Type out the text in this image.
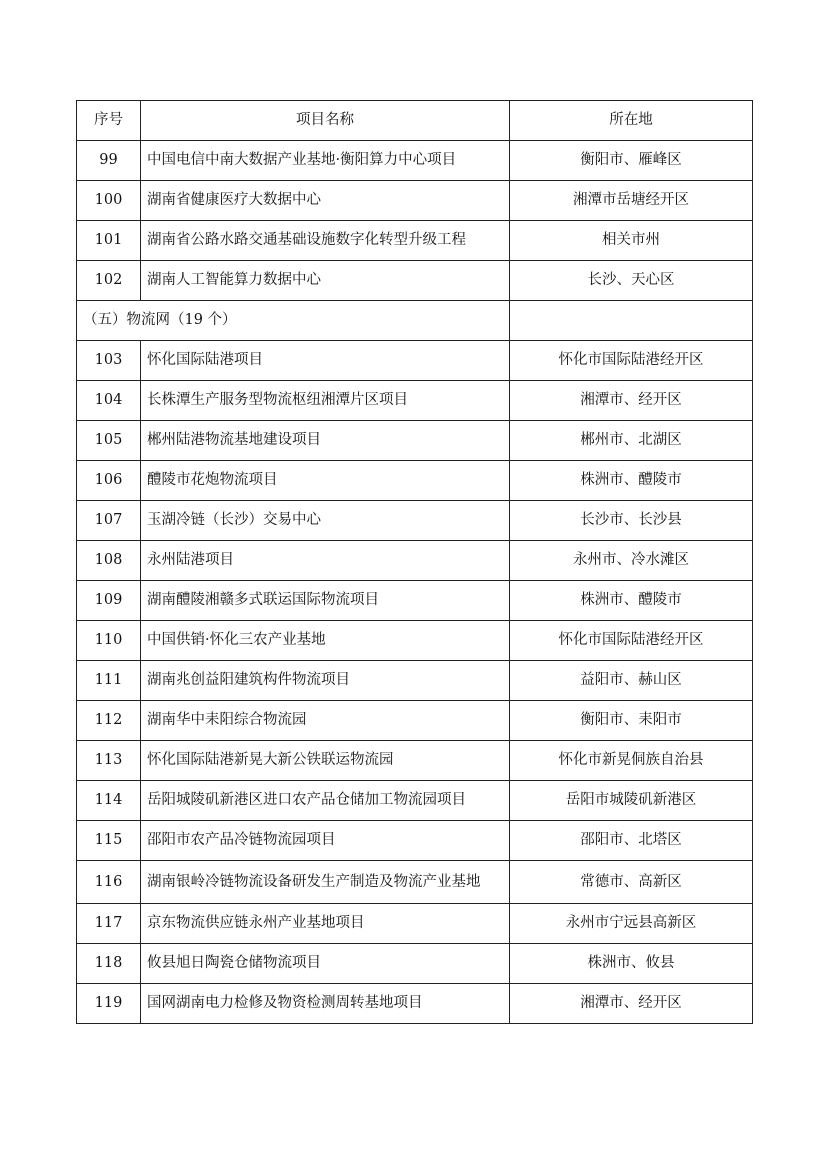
序号	项目名称	所在地
99	中国电信中南大数据产业基地·衡阳算力中心项目	衡阳市、雁峰区
100	湖南省健康医疗大数据中心	湘潭市岳塘经开区
101	湖南省公路水路交通基础设施数字化转型升级工程	相关市州
102	湖南人工智能算力数据中心	长沙、天心区
（五）物流网（19 个）		
103	怀化国际陆港项目	怀化市国际陆港经开区
104	长株潭生产服务型物流枢纽湘潭片区项目	湘潭市、经开区
105	郴州陆港物流基地建设项目	郴州市、北湖区
106	醴陵市花炮物流项目	株洲市、醴陵市
107	玉湖冷链（长沙）交易中心	长沙市、长沙县
108	永州陆港项目	永州市、冷水滩区
109	湖南醴陵湘赣多式联运国际物流项目	株洲市、醴陵市
110	中国供销·怀化三农产业基地	怀化市国际陆港经开区
111	湖南兆创益阳建筑构件物流项目	益阳市、赫山区
112	湖南华中耒阳综合物流园	衡阳市、耒阳市
113	怀化国际陆港新晃大新公铁联运物流园	怀化市新晃侗族自治县
114	岳阳城陵矶新港区进口农产品仓储加工物流园项目	岳阳市城陵矶新港区
115	邵阳市农产品冷链物流园项目	邵阳市、北塔区
116	湖南银岭冷链物流设备研发生产制造及物流产业基地	常德市、高新区
117	京东物流供应链永州产业基地项目	永州市宁远县高新区
118	攸县旭日陶瓷仓储物流项目	株洲市、攸县
119	国网湖南电力检修及物资检测周转基地项目	湘潭市、经开区
